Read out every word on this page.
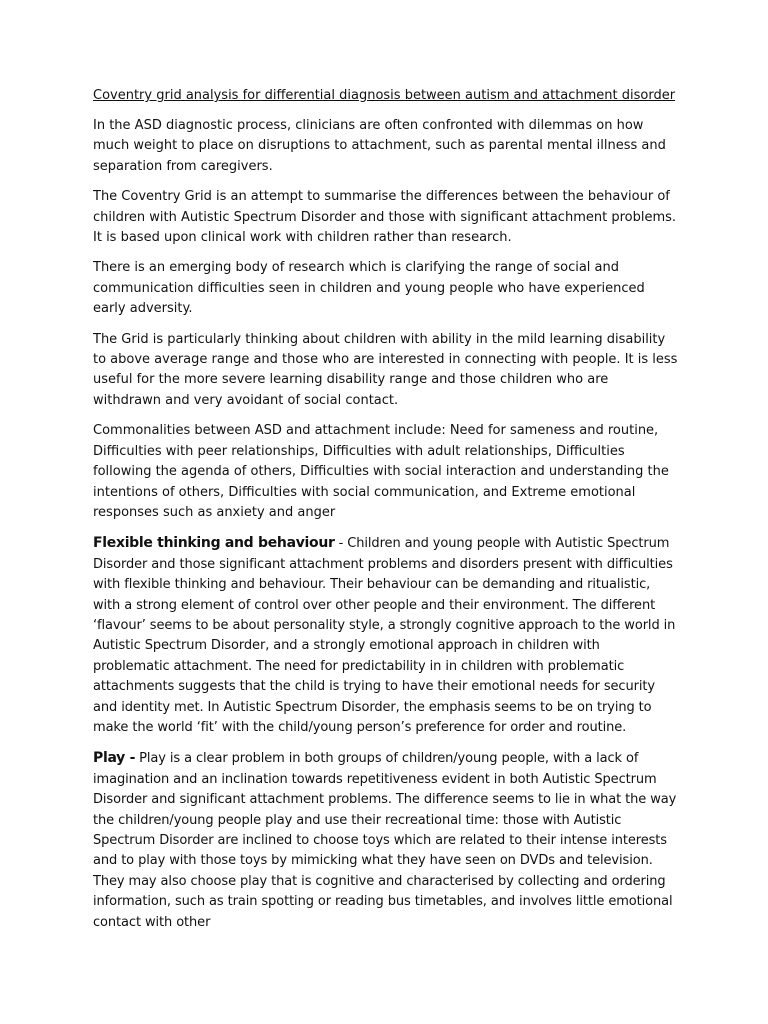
Coventry grid analysis for differential diagnosis between autism and attachment disorder

In the ASD diagnostic process, clinicians are often confronted with dilemmas on how much weight to place on disruptions to attachment, such as parental mental illness and separation from caregivers.

The Coventry Grid is an attempt to summarise the differences between the behaviour of children with Autistic Spectrum Disorder and those with significant attachment problems. It is based upon clinical work with children rather than research.

There is an emerging body of research which is clarifying the range of social and communication difficulties seen in children and young people who have experienced early adversity.

The Grid is particularly thinking about children with ability in the mild learning disability to above average range and those who are interested in connecting with people. It is less useful for the more severe learning disability range and those children who are withdrawn and very avoidant of social contact.

Commonalities between ASD and attachment include: Need for sameness and routine, Difficulties with peer relationships, Difficulties with adult relationships, Difficulties following the agenda of others, Difficulties with social interaction and understanding the intentions of others, Difficulties with social communication, and Extreme emotional responses such as anxiety and anger

Flexible thinking and behaviour - Children and young people with Autistic Spectrum Disorder and those significant attachment problems and disorders present with difficulties with flexible thinking and behaviour. Their behaviour can be demanding and ritualistic, with a strong element of control over other people and their environment. The different ‘flavour’ seems to be about personality style, a strongly cognitive approach to the world in Autistic Spectrum Disorder, and a strongly emotional approach in children with problematic attachment. The need for predictability in in children with problematic attachments suggests that the child is trying to have their emotional needs for security and identity met. In Autistic Spectrum Disorder, the emphasis seems to be on trying to make the world ‘fit’ with the child/young person’s preference for order and routine.

Play - Play is a clear problem in both groups of children/young people, with a lack of imagination and an inclination towards repetitiveness evident in both Autistic Spectrum Disorder and significant attachment problems. The difference seems to lie in what the way the children/young people play and use their recreational time: those with Autistic Spectrum Disorder are inclined to choose toys which are related to their intense interests and to play with those toys by mimicking what they have seen on DVDs and television. They may also choose play that is cognitive and characterised by collecting and ordering information, such as train spotting or reading bus timetables, and involves little emotional contact with other
